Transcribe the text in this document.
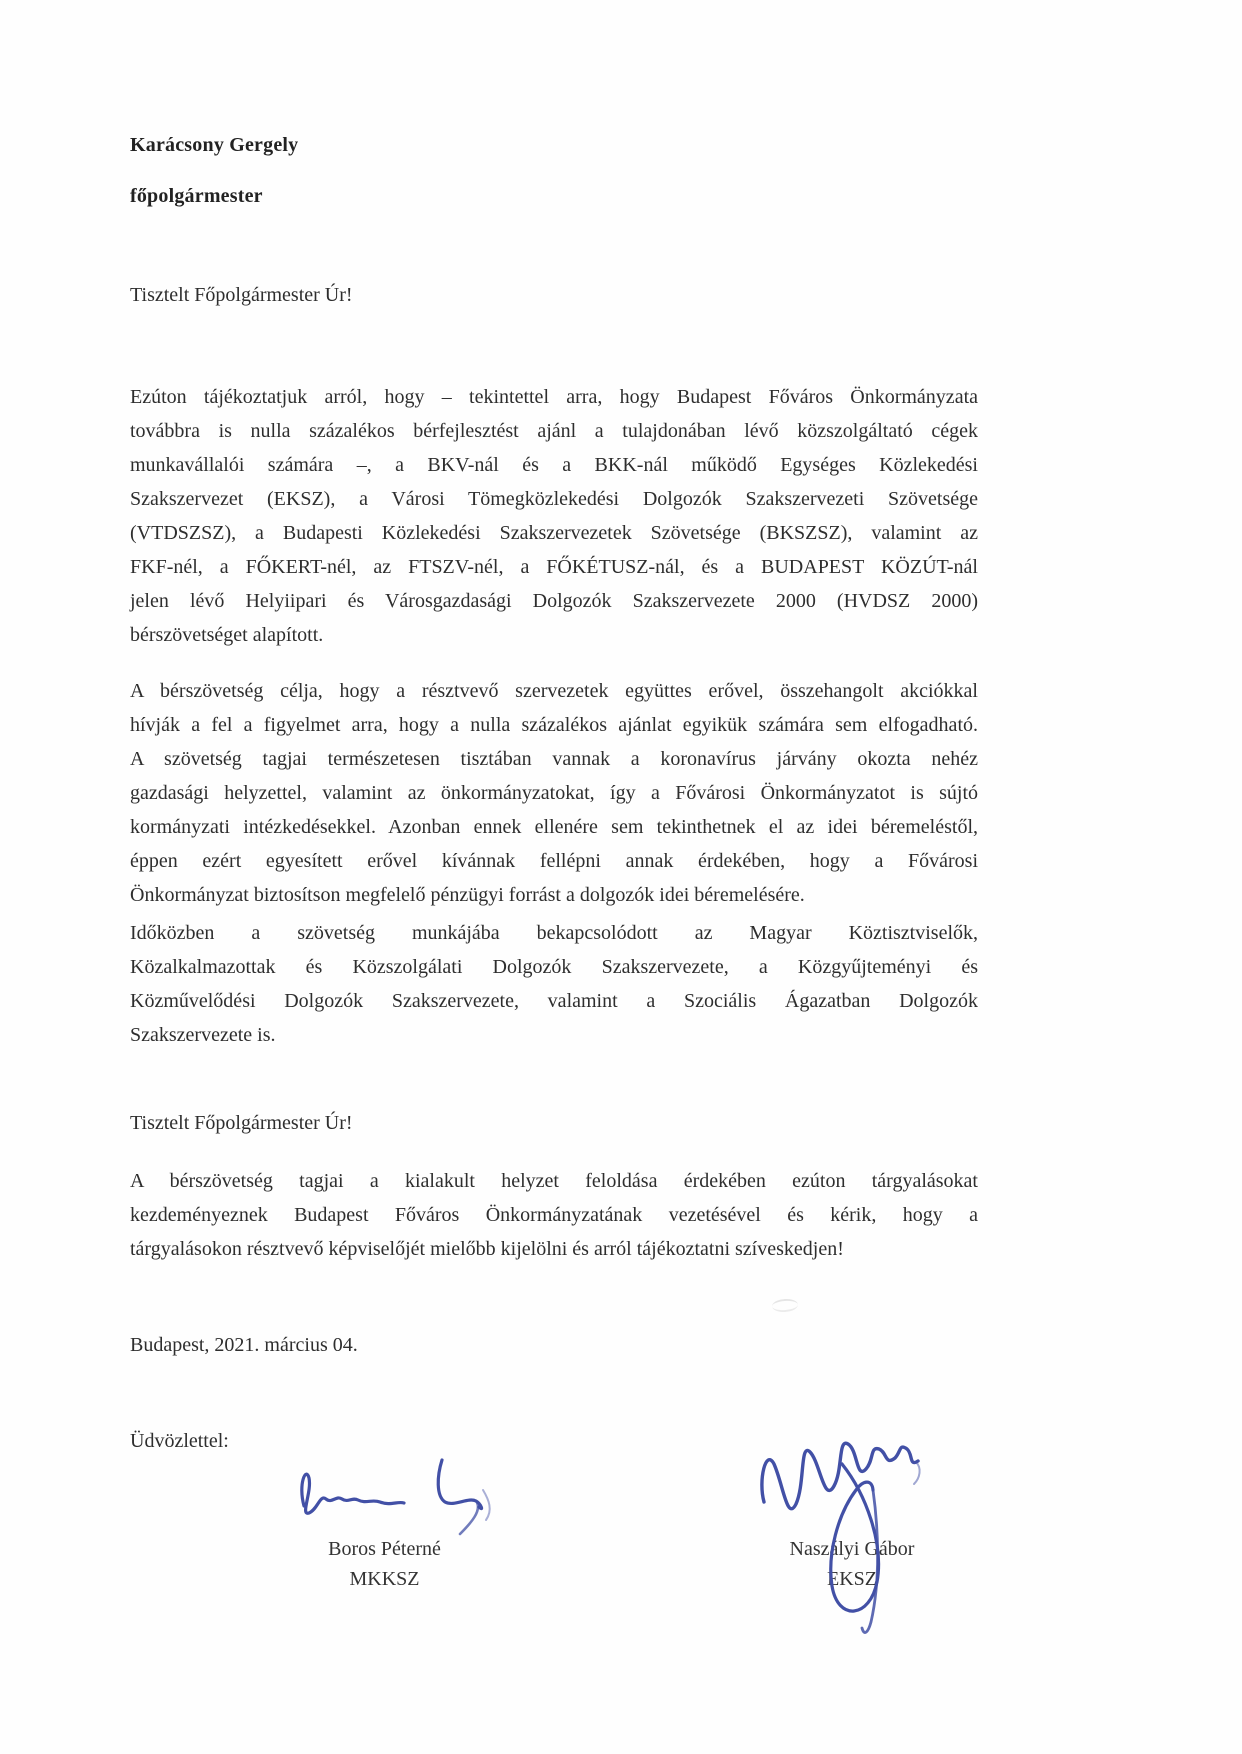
Karácsony Gergely
főpolgármester
Tisztelt Főpolgármester Úr!
Ezúton tájékoztatjuk arról, hogy – tekintettel arra, hogy Budapest Főváros Önkormányzata
továbbra is nulla százalékos bérfejlesztést ajánl a tulajdonában lévő közszolgáltató cégek
munkavállalói számára –, a BKV-nál és a BKK-nál működő Egységes Közlekedési
Szakszervezet (EKSZ), a Városi Tömegközlekedési Dolgozók Szakszervezeti Szövetsége
(VTDSZSZ), a Budapesti Közlekedési Szakszervezetek Szövetsége (BKSZSZ), valamint az
FKF-nél, a FŐKERT-nél, az FTSZV-nél, a FŐKÉTUSZ-nál, és a BUDAPEST KÖZÚT-nál
jelen lévő Helyiipari és Városgazdasági Dolgozók Szakszervezete 2000 (HVDSZ 2000)
bérszövetséget alapított.
A bérszövetség célja, hogy a résztvevő szervezetek együttes erővel, összehangolt akciókkal
hívják a fel a figyelmet arra, hogy a nulla százalékos ajánlat egyikük számára sem elfogadható.
A szövetség tagjai természetesen tisztában vannak a koronavírus járvány okozta nehéz
gazdasági helyzettel, valamint az önkormányzatokat, így a Fővárosi Önkormányzatot is sújtó
kormányzati intézkedésekkel. Azonban ennek ellenére sem tekinthetnek el az idei béremeléstől,
éppen ezért egyesített erővel kívánnak fellépni annak érdekében, hogy a Fővárosi
Önkormányzat biztosítson megfelelő pénzügyi forrást a dolgozók idei béremelésére.
Időközben a szövetség munkájába bekapcsolódott az Magyar Köztisztviselők,
Közalkalmazottak és Közszolgálati Dolgozók Szakszervezete, a Közgyűjteményi és
Közművelődési Dolgozók Szakszervezete, valamint a Szociális Ágazatban Dolgozók
Szakszervezete is.
Tisztelt Főpolgármester Úr!
A bérszövetség tagjai a kialakult helyzet feloldása érdekében ezúton tárgyalásokat
kezdeményeznek Budapest Főváros Önkormányzatának vezetésével és kérik, hogy a
tárgyalásokon résztvevő képviselőjét mielőbb kijelölni és arról tájékoztatni szíveskedjen!
Budapest, 2021. március 04.
Üdvözlettel:
Boros Péterné
MKKSZ
Naszályi Gábor
EKSZ
